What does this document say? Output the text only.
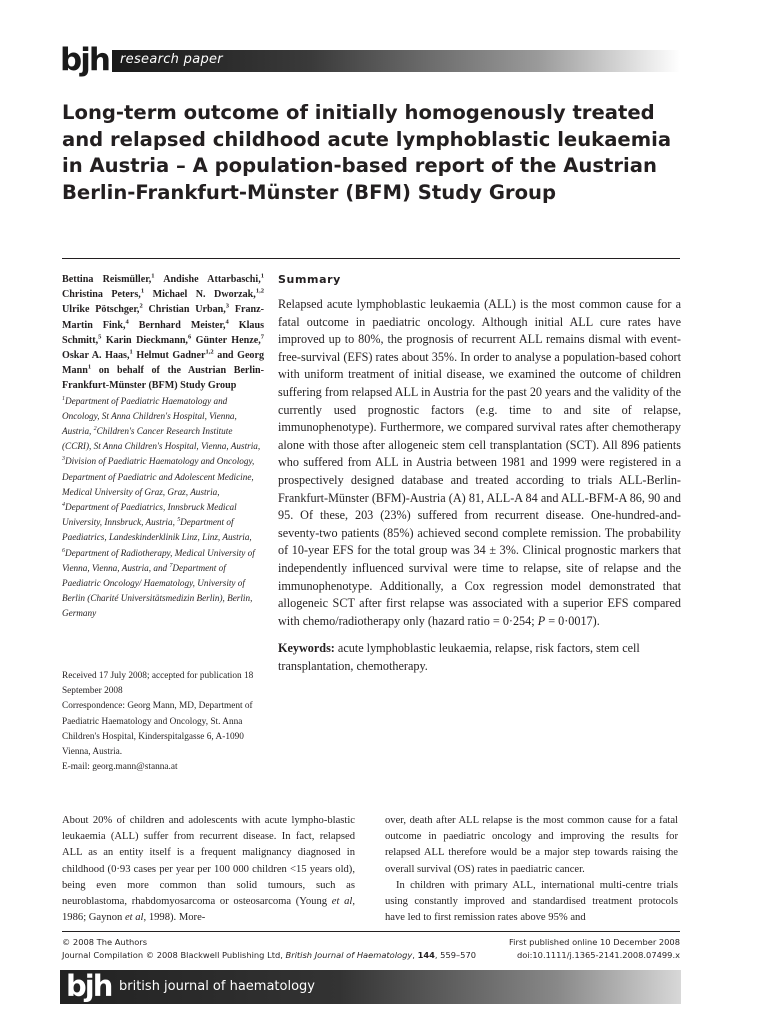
bjh research paper
Long-term outcome of initially homogenously treated and relapsed childhood acute lymphoblastic leukaemia in Austria – A population-based report of the Austrian Berlin-Frankfurt-Münster (BFM) Study Group
Bettina Reismüller,$^1$ Andishe Attarbaschi,$^1$ Christina Peters,$^1$ Michael N. Dworzak,$^{1,2}$ Ulrike Pötschger,$^2$ Christian Urban,$^3$ Franz-Martin Fink,$^4$ Bernhard Meister,$^4$ Klaus Schmitt,$^5$ Karin Dieckmann,$^6$ Günter Henze,$^7$ Oskar A. Haas,$^1$ Helmut Gadner$^{1,2}$ and Georg Mann$^1$ on behalf of the Austrian Berlin-Frankfurt-Münster (BFM) Study Group
$^1$Department of Paediatric Haematology and Oncology, St Anna Children's Hospital, Vienna, Austria, $^2$Children's Cancer Research Institute (CCRI), St Anna Children's Hospital, Vienna, Austria, $^3$Division of Paediatric Haematology and Oncology, Department of Paediatric and Adolescent Medicine, Medical University of Graz, Graz, Austria, $^4$Department of Paediatrics, Innsbruck Medical University, Innsbruck, Austria, $^5$Department of Paediatrics, Landeskinderklinik Linz, Linz, Austria, $^6$Department of Radiotherapy, Medical University of Vienna, Vienna, Austria, and $^7$Department of Paediatric Oncology/ Haematology, University of Berlin (Charité Universitätsmedizin Berlin), Berlin, Germany
Received 17 July 2008; accepted for publication 18 September 2008
Correspondence: Georg Mann, MD, Department of Paediatric Haematology and Oncology, St. Anna Children's Hospital, Kinderspitalgasse 6, A-1090 Vienna, Austria.
E-mail: georg.mann@stanna.at
Summary
Relapsed acute lymphoblastic leukaemia (ALL) is the most common cause for a fatal outcome in paediatric oncology. Although initial ALL cure rates have improved up to 80%, the prognosis of recurrent ALL remains dismal with event-free-survival (EFS) rates about 35%. In order to analyse a population-based cohort with uniform treatment of initial disease, we examined the outcome of children suffering from relapsed ALL in Austria for the past 20 years and the validity of the currently used prognostic factors (e.g. time to and site of relapse, immunophenotype). Furthermore, we compared survival rates after chemotherapy alone with those after allogeneic stem cell transplantation (SCT). All 896 patients who suffered from ALL in Austria between 1981 and 1999 were registered in a prospectively designed database and treated according to trials ALL-Berlin-Frankfurt-Münster (BFM)-Austria (A) 81, ALL-A 84 and ALL-BFM-A 86, 90 and 95. Of these, 203 (23%) suffered from recurrent disease. One-hundred-and-seventy-two patients (85%) achieved second complete remission. The probability of 10-year EFS for the total group was 34 ± 3%. Clinical prognostic markers that independently influenced survival were time to relapse, site of relapse and the immunophenotype. Additionally, a Cox regression model demonstrated that allogeneic SCT after first relapse was associated with a superior EFS compared with chemo/radiotherapy only (hazard ratio = 0·254; P = 0·0017).
Keywords: acute lymphoblastic leukaemia, relapse, risk factors, stem cell transplantation, chemotherapy.
About 20% of children and adolescents with acute lympho-blastic leukaemia (ALL) suffer from recurrent disease. In fact, relapsed ALL as an entity itself is a frequent malignancy diagnosed in childhood (0·93 cases per year per 100 000 children <15 years old), being even more common than solid tumours, such as neuroblastoma, rhabdomyosarcoma or osteosarcoma (Young et al, 1986; Gaynon et al, 1998). More-
over, death after ALL relapse is the most common cause for a fatal outcome in paediatric oncology and improving the results for relapsed ALL therefore would be a major step towards raising the overall survival (OS) rates in paediatric cancer.
In children with primary ALL, international multi-centre trials using constantly improved and standardised treatment protocols have led to first remission rates above 95% and
© 2008 The Authors
Journal Compilation © 2008 Blackwell Publishing Ltd, British Journal of Haematology, 144, 559–570
First published online 10 December 2008
doi:10.1111/j.1365-2141.2008.07499.x
bjh british journal of haematology
